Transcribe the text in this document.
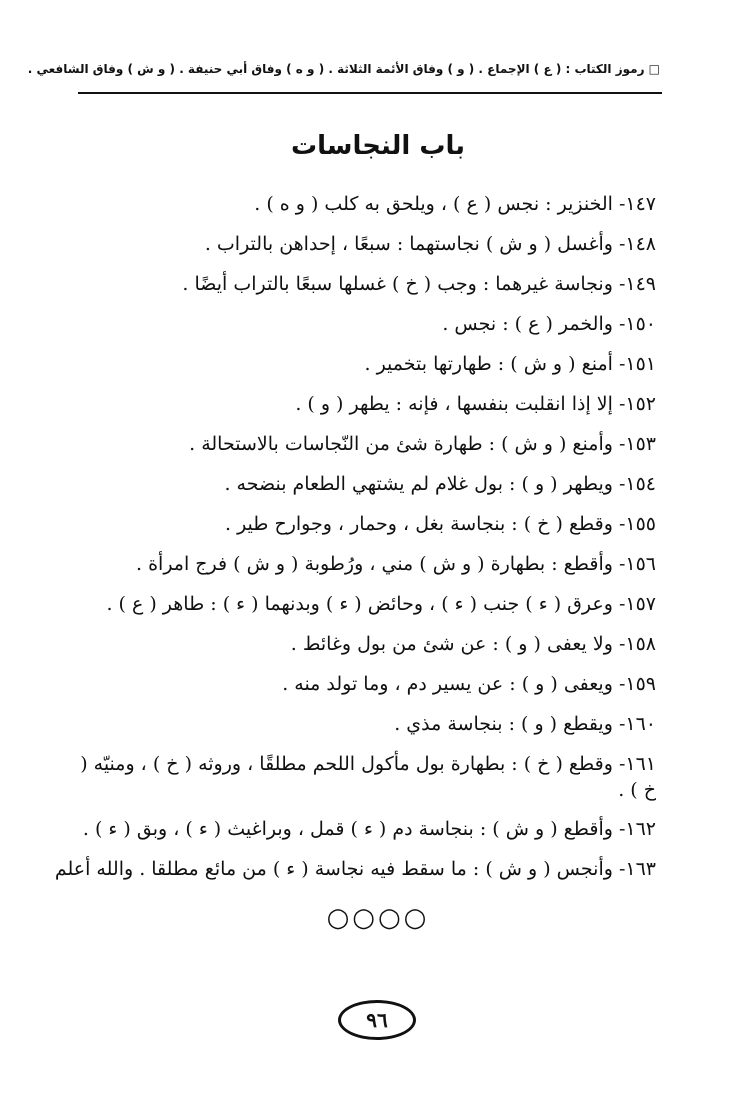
□ رموز الكتاب : ( ع ) الإجماع . ( و ) وفاق الأئمة الثلاثة . ( و ه ) وفاق أبي حنيفة . ( و ش ) وفاق الشافعي .
باب النجاسات
١٤٧- الخنزير : نجس ( ع ) ، ويلحق به كلب ( و ه ) .
١٤٨- وأغسل ( و ش ) نجاستهما : سبعًا ، إحداهن بالتراب .
١٤٩- ونجاسة غيرهما : وجب ( خ ) غسلها سبعًا بالتراب أيضًا .
١٥٠- والخمر ( ع ) : نجس .
١٥١- أمنع ( و ش ) : طهارتها بتخمير .
١٥٢- إلا إذا انقلبت بنفسها ، فإنه : يطهر ( و ) .
١٥٣- وأمنع ( و ش ) : طهارة شئ من النّجاسات بالاستحالة .
١٥٤- ويطهر ( و ) : بول غلام لم يشتهي الطعام بنضحه .
١٥٥- وقطع ( خ ) : بنجاسة بغل ، وحمار ، وجوارح طير .
١٥٦- وأقطع : بطهارة ( و ش ) مني ، ورُطوبة ( و ش ) فرج امرأة .
١٥٧- وعرق ( ء ) جنب ( ء ) ، وحائض ( ء ) وبدنهما ( ء ) : طاهر ( ع ) .
١٥٨- ولا يعفى ( و ) : عن شئ من بول وغائط .
١٥٩- ويعفى ( و ) : عن يسير دم ، وما تولد منه .
١٦٠- ويقطع ( و ) : بنجاسة مذي .
١٦١- وقطع ( خ ) : بطهارة بول مأكول اللحم مطلقًا ، وروثه ( خ ) ، ومنيّه ( خ ) .
١٦٢- وأقطع ( و ش ) : بنجاسة دم ( ء ) قمل ، وبراغيث ( ء ) ، وبق ( ء ) .
١٦٣- وأنجس ( و ش ) : ما سقط فيه نجاسة ( ء ) من مائع مطلقا . والله أعلم
○○○○
٩٦
